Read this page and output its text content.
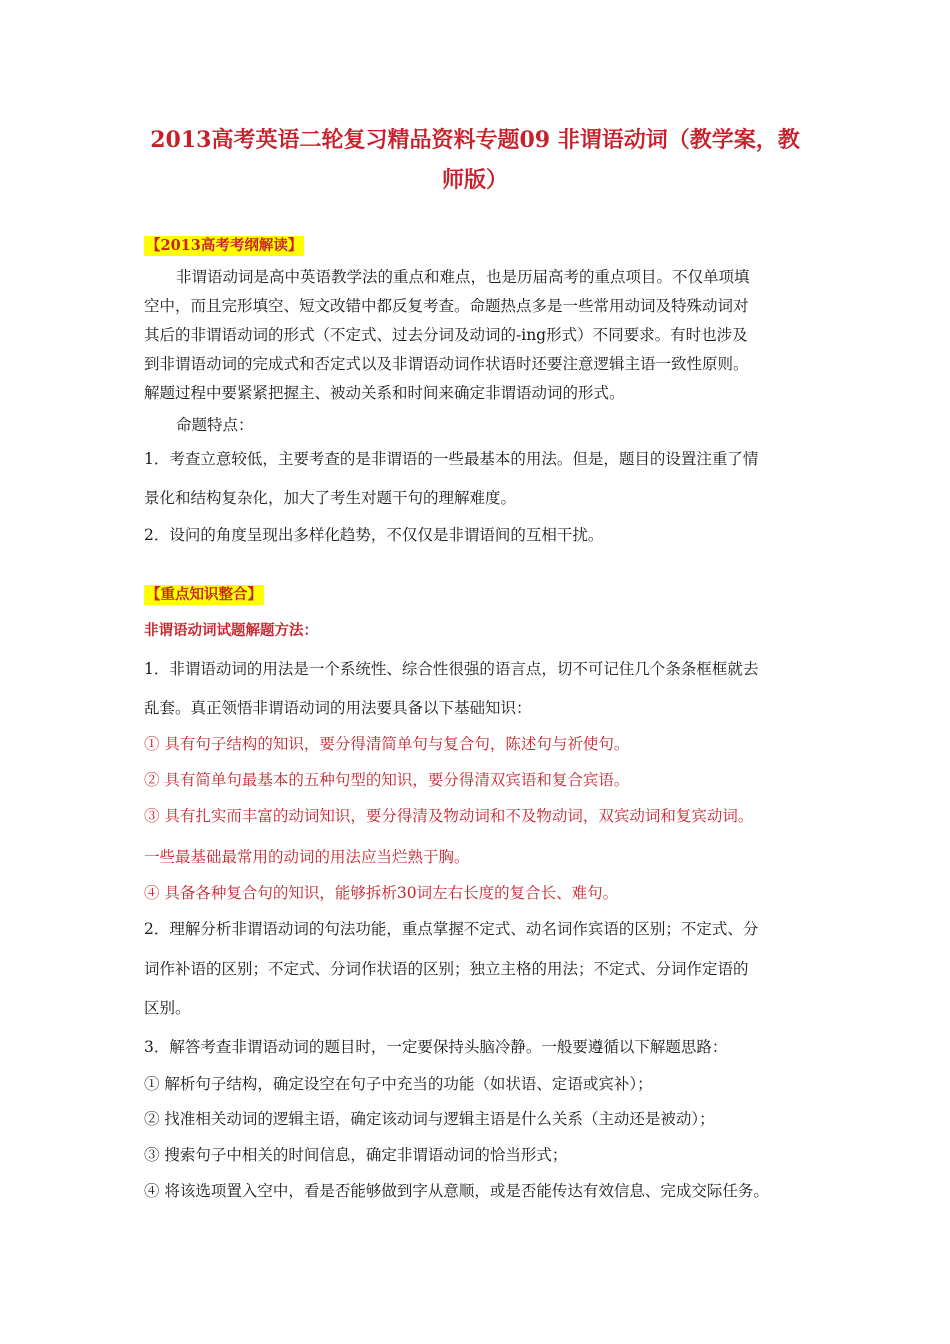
2013高考英语二轮复习精品资料专题09 非谓语动词（教学案，教
师版）
【2013高考考纲解读】
非谓语动词是高中英语教学法的重点和难点，也是历届高考的重点项目。不仅单项填
空中，而且完形填空、短文改错中都反复考查。命题热点多是一些常用动词及特殊动词对
其后的非谓语动词的形式（不定式、过去分词及动词的-ing形式）不同要求。有时也涉及
到非谓语动词的完成式和否定式以及非谓语动词作状语时还要注意逻辑主语一致性原则。
解题过程中要紧紧把握主、被动关系和时间来确定非谓语动词的形式。
命题特点：
1．考查立意较低，主要考查的是非谓语的一些最基本的用法。但是，题目的设置注重了情
景化和结构复杂化，加大了考生对题干句的理解难度。
2．设问的角度呈现出多样化趋势，不仅仅是非谓语间的互相干扰。
【重点知识整合】
非谓语动词试题解题方法：
1．非谓语动词的用法是一个系统性、综合性很强的语言点，切不可记住几个条条框框就去
乱套。真正领悟非谓语动词的用法要具备以下基础知识：
① 具有句子结构的知识，要分得清简单句与复合句，陈述句与祈使句。
② 具有简单句最基本的五种句型的知识，要分得清双宾语和复合宾语。
③ 具有扎实而丰富的动词知识，要分得清及物动词和不及物动词，双宾动词和复宾动词。
一些最基础最常用的动词的用法应当烂熟于胸。
④ 具备各种复合句的知识，能够拆析30词左右长度的复合长、难句。
2．理解分析非谓语动词的句法功能，重点掌握不定式、动名词作宾语的区别；不定式、分
词作补语的区别；不定式、分词作状语的区别；独立主格的用法；不定式、分词作定语的
区别。
3．解答考查非谓语动词的题目时，一定要保持头脑冷静。一般要遵循以下解题思路：
① 解析句子结构，确定设空在句子中充当的功能（如状语、定语或宾补）；
② 找准相关动词的逻辑主语，确定该动词与逻辑主语是什么关系（主动还是被动）；
③ 搜索句子中相关的时间信息，确定非谓语动词的恰当形式；
④ 将该选项置入空中，看是否能够做到字从意顺，或是否能传达有效信息、完成交际任务。
